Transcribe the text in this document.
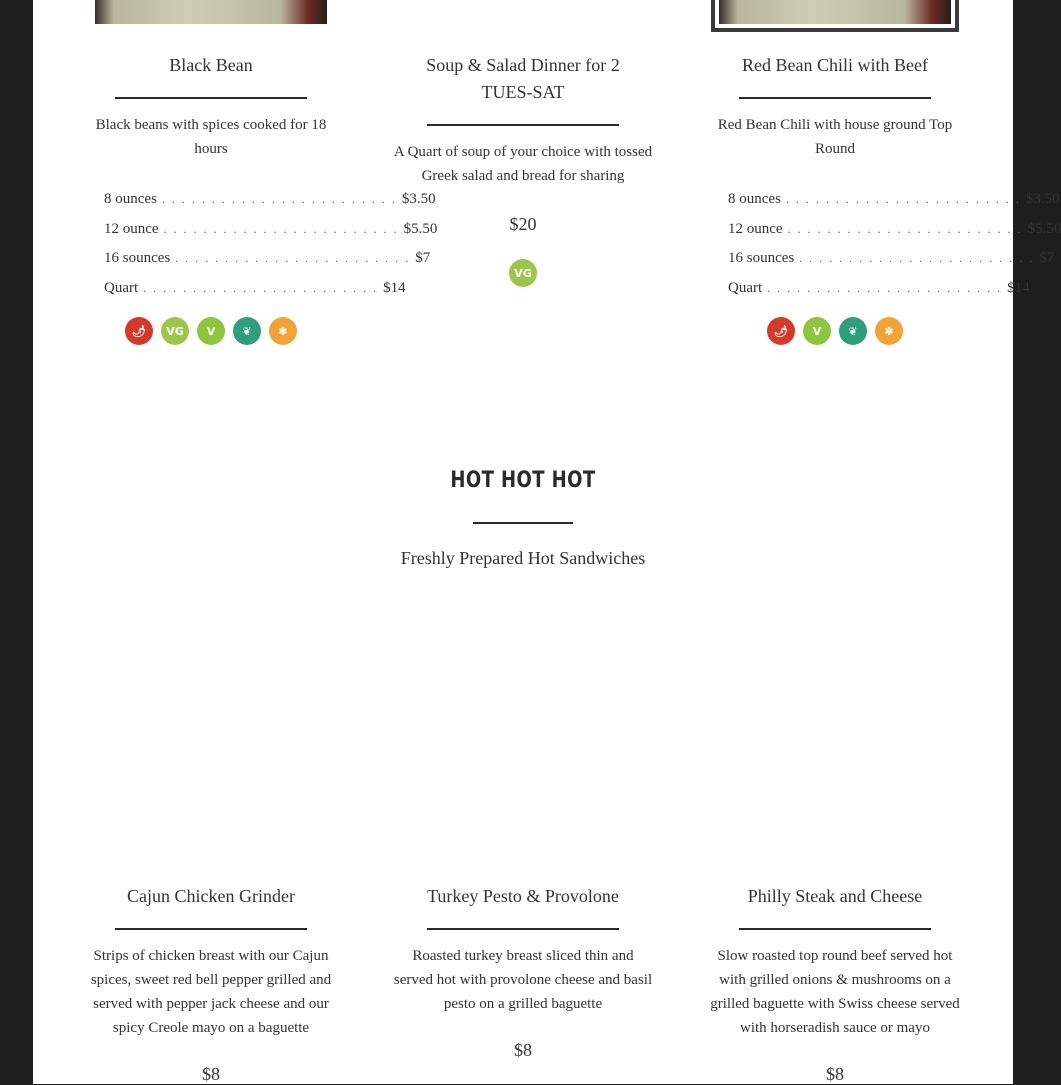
Black Bean
Black beans with spices cooked for 18 hours
8 ounces . . . . . . . . . . . . . . . . . . . . . . . . $3.50
12 ounce . . . . . . . . . . . . . . . . . . . . . . . . $5.50
16 sounces . . . . . . . . . . . . . . . . . . . . . . . . $7
Quart . . . . . . . . . . . . . . . . . . . . . . . . $14
🌶	VG	V	❦	✽
Soup & Salad Dinner for 2
TUES-SAT
A Quart of soup of your choice with tossed Greek salad and bread for sharing
$20
VG
Red Bean Chili with Beef
Red Bean Chili with house ground Top Round
8 ounces . . . . . . . . . . . . . . . . . . . . . . . . $3.50
12 ounce . . . . . . . . . . . . . . . . . . . . . . . . $5.50
16 sounces . . . . . . . . . . . . . . . . . . . . . . . . $7
Quart . . . . . . . . . . . . . . . . . . . . . . . . $14
🌶	V	❦	✽
HOT HOT HOT
Freshly Prepared Hot Sandwiches
Cajun Chicken Grinder
Strips of chicken breast with our Cajun spices, sweet red bell pepper grilled and served with pepper jack cheese and our spicy Creole mayo on a baguette
$8
Turkey Pesto & Provolone
Roasted turkey breast sliced thin and served hot with provolone cheese and basil pesto on a grilled baguette
$8
Philly Steak and Cheese
Slow roasted top round beef served hot with grilled onions & mushrooms on a grilled baguette with Swiss cheese served with horseradish sauce or mayo
$8
